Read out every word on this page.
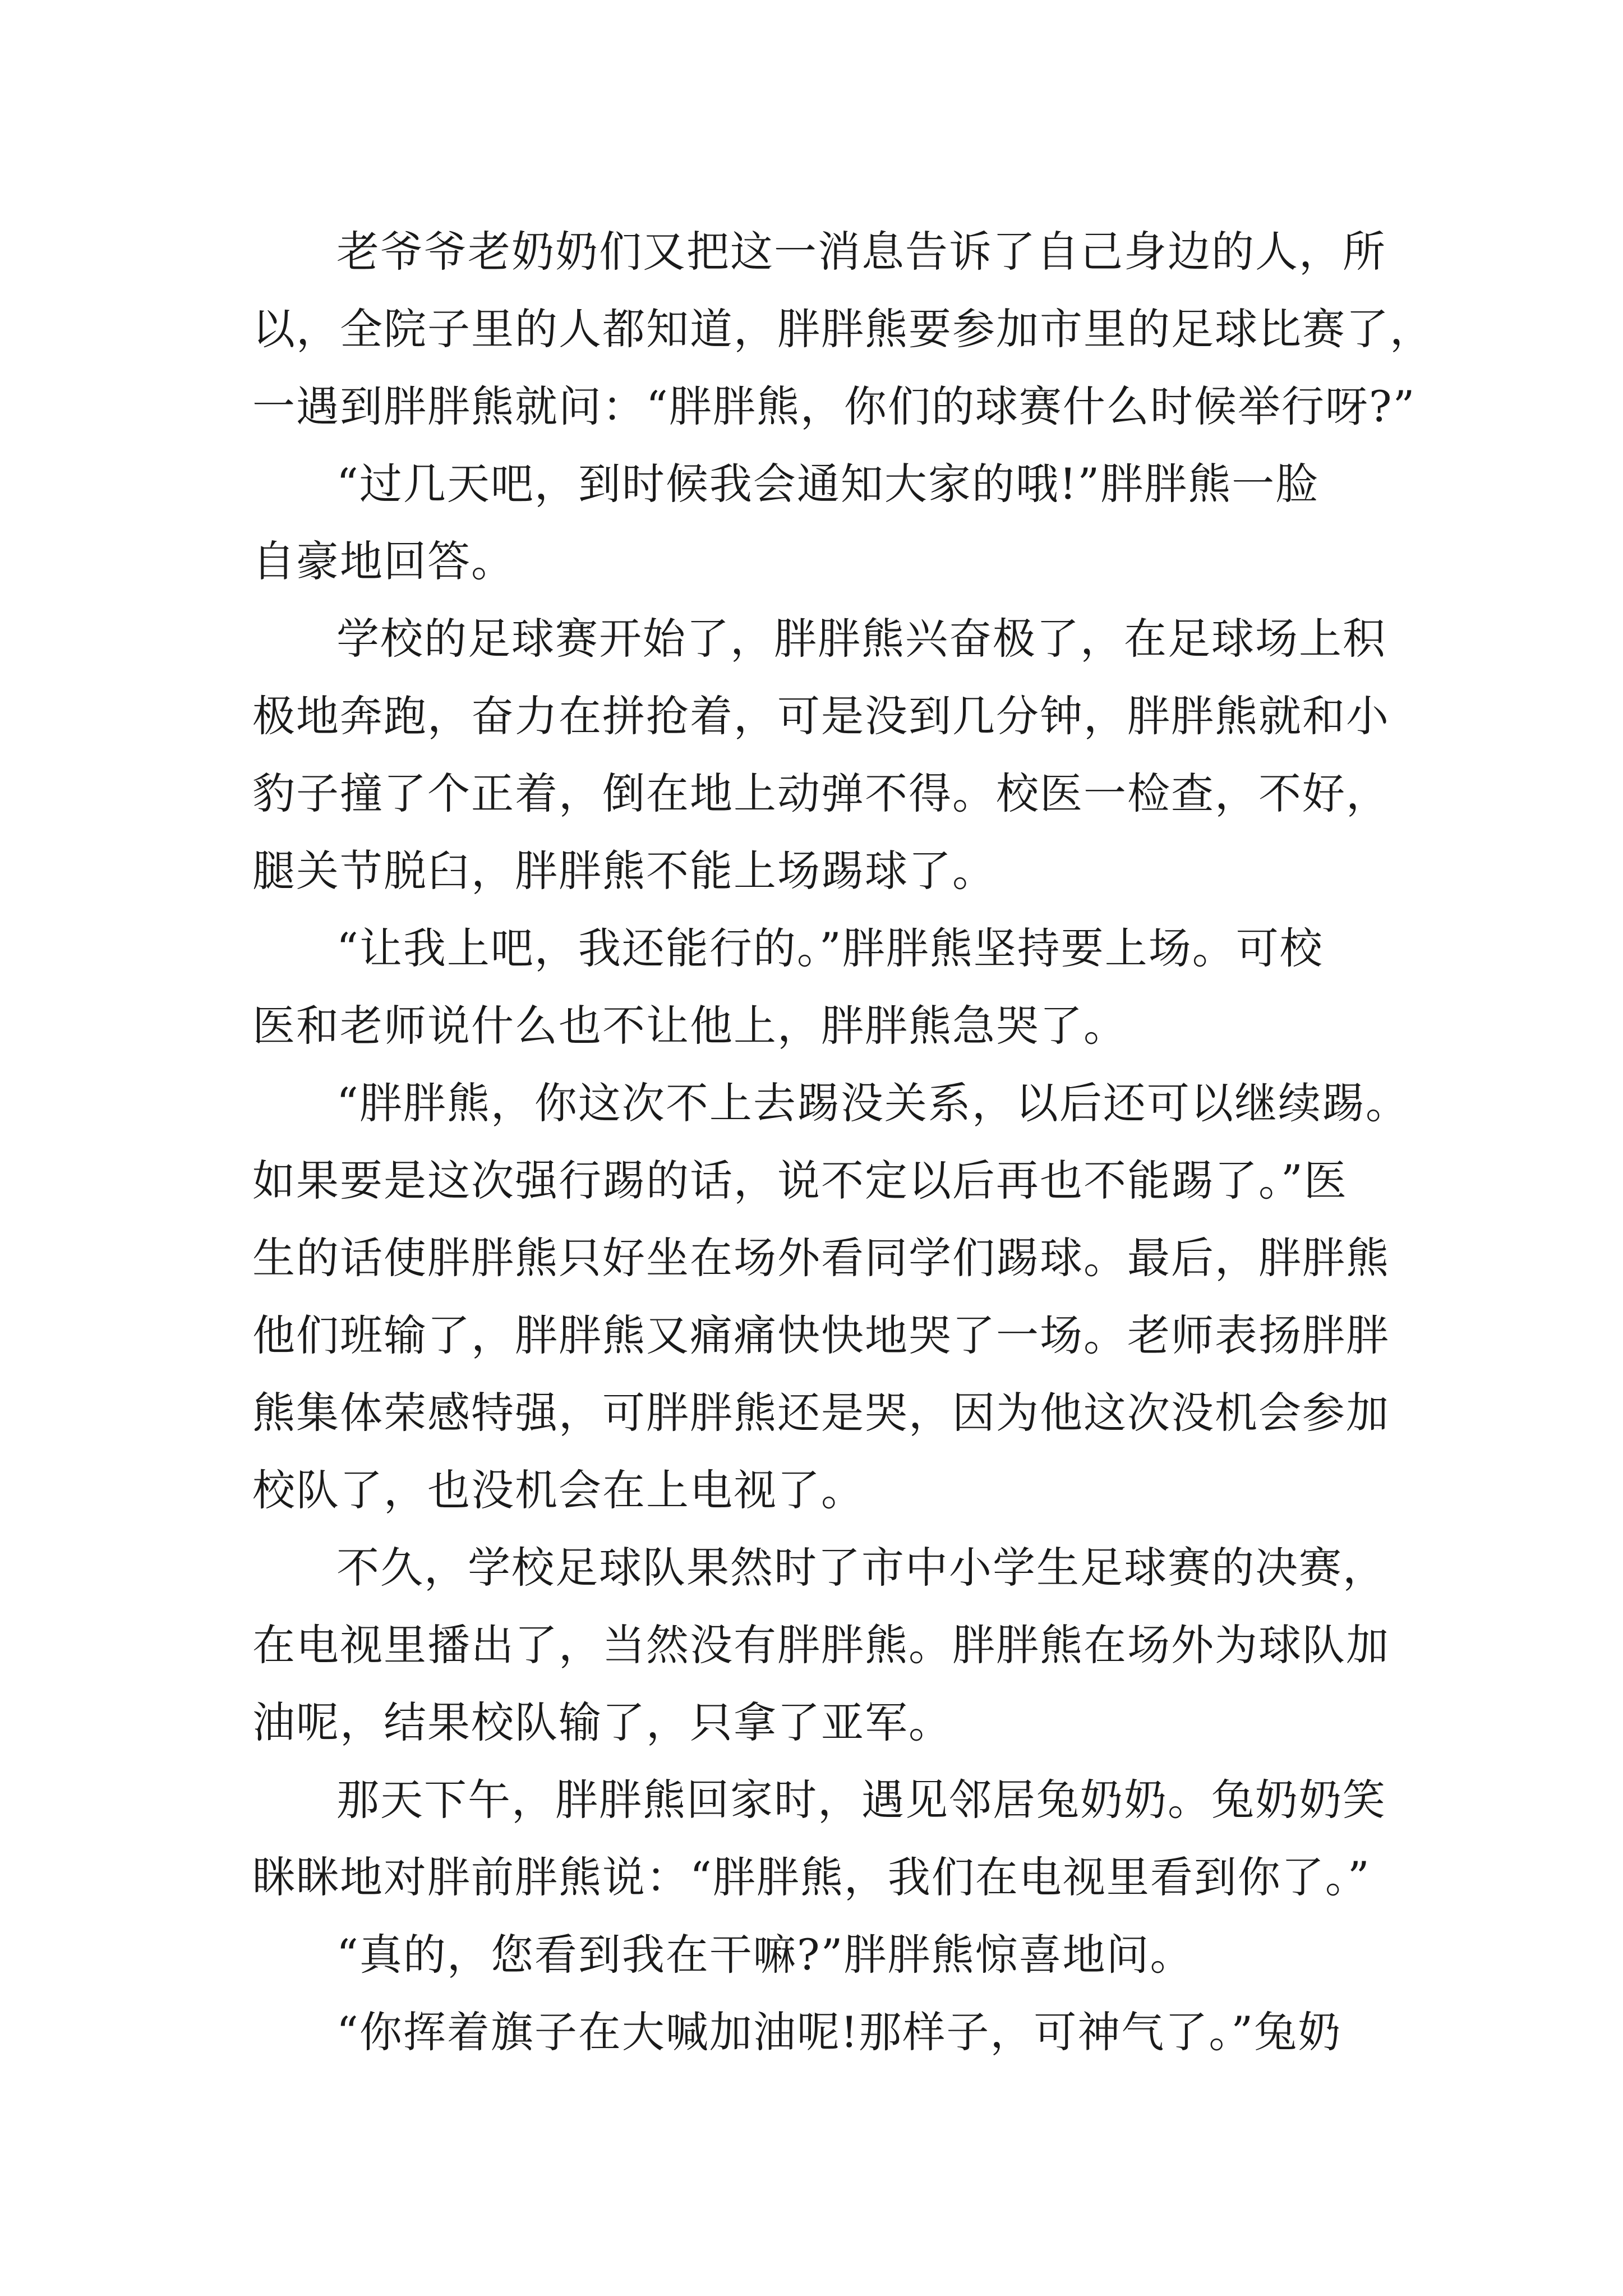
老爷爷老奶奶们又把这一消息告诉了自己身边的人，所
以，全院子里的人都知道，胖胖熊要参加市里的足球比赛了，
一遇到胖胖熊就问：“胖胖熊，你们的球赛什么时候举行呀?”
“过几天吧，到时候我会通知大家的哦!”胖胖熊一脸
自豪地回答。
学校的足球赛开始了，胖胖熊兴奋极了，在足球场上积
极地奔跑，奋力在拼抢着，可是没到几分钟，胖胖熊就和小
豹子撞了个正着，倒在地上动弹不得。校医一检查，不好，
腿关节脱臼，胖胖熊不能上场踢球了。
“让我上吧，我还能行的。”胖胖熊坚持要上场。可校
医和老师说什么也不让他上，胖胖熊急哭了。
“胖胖熊，你这次不上去踢没关系，以后还可以继续踢。
如果要是这次强行踢的话，说不定以后再也不能踢了。”医
生的话使胖胖熊只好坐在场外看同学们踢球。最后，胖胖熊
他们班输了，胖胖熊又痛痛快快地哭了一场。老师表扬胖胖
熊集体荣感特强，可胖胖熊还是哭，因为他这次没机会参加
校队了，也没机会在上电视了。
不久，学校足球队果然时了市中小学生足球赛的决赛，
在电视里播出了，当然没有胖胖熊。胖胖熊在场外为球队加
油呢，结果校队输了，只拿了亚军。
那天下午，胖胖熊回家时，遇见邻居兔奶奶。兔奶奶笑
眯眯地对胖前胖熊说：“胖胖熊，我们在电视里看到你了。”
“真的，您看到我在干嘛?”胖胖熊惊喜地问。
“你挥着旗子在大喊加油呢!那样子，可神气了。”兔奶
